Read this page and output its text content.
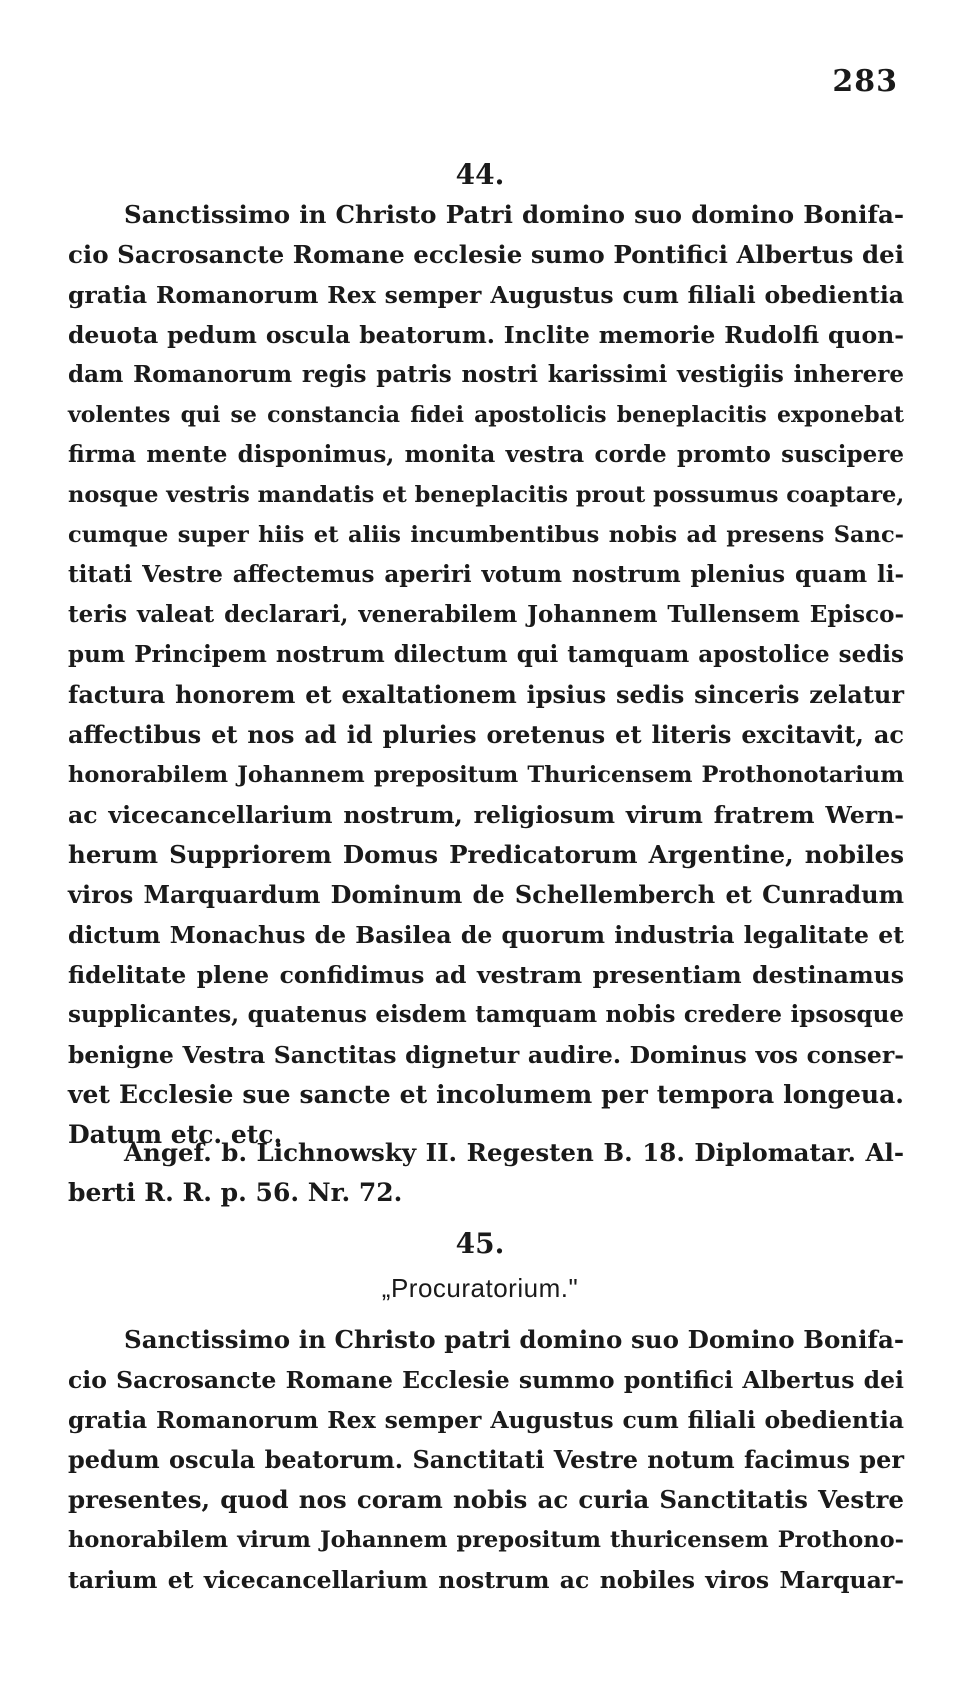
283
44.
Sanctissimo in Christo Patri domino suo domino Bonifa-
cio Sacrosancte Romane ecclesie sumo Pontifici Albertus dei
gratia Romanorum Rex semper Augustus cum filiali obedientia
deuota pedum oscula beatorum. Inclite memorie Rudolfi quon-
dam Romanorum regis patris nostri karissimi vestigiis inherere
volentes qui se constancia fidei apostolicis beneplacitis exponebat
firma mente disponimus, monita vestra corde promto suscipere
nosque vestris mandatis et beneplacitis prout possumus coaptare,
cumque super hiis et aliis incumbentibus nobis ad presens Sanc-
titati Vestre affectemus aperiri votum nostrum plenius quam li-
teris valeat declarari, venerabilem Johannem Tullensem Episco-
pum Principem nostrum dilectum qui tamquam apostolice sedis
factura honorem et exaltationem ipsius sedis sinceris zelatur
affectibus et nos ad id pluries oretenus et literis excitavit, ac
honorabilem Johannem prepositum Thuricensem Prothonotarium
ac vicecancellarium nostrum, religiosum virum fratrem Wern-
herum Suppriorem Domus Predicatorum Argentine, nobiles
viros Marquardum Dominum de Schellemberch et Cunradum
dictum Monachus de Basilea de quorum industria legalitate et
fidelitate plene confidimus ad vestram presentiam destinamus
supplicantes, quatenus eisdem tamquam nobis credere ipsosque
benigne Vestra Sanctitas dignetur audire. Dominus vos conser-
vet Ecclesie sue sancte et incolumem per tempora longeua.
Datum etc. etc.
Angef. b. Lichnowsky II. Regesten B. 18. Diplomatar. Al-
berti R. R. p. 56. Nr. 72.
45.
„Procuratorium."
Sanctissimo in Christo patri domino suo Domino Bonifa-
cio Sacrosancte Romane Ecclesie summo pontifici Albertus dei
gratia Romanorum Rex semper Augustus cum filiali obedientia
pedum oscula beatorum. Sanctitati Vestre notum facimus per
presentes, quod nos coram nobis ac curia Sanctitatis Vestre
honorabilem virum Johannem prepositum thuricensem Prothono-
tarium et vicecancellarium nostrum ac nobiles viros Marquar-
